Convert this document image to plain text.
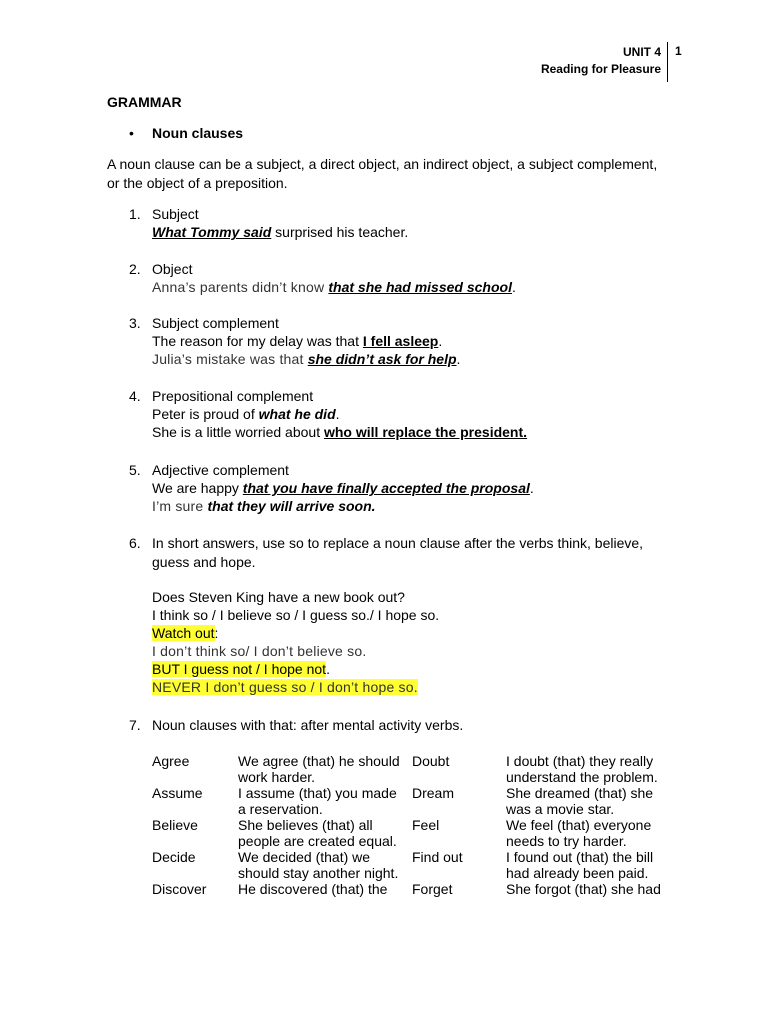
UNIT 4
Reading for Pleasure
1
GRAMMAR
• Noun clauses
A noun clause can be a subject, a direct object, an indirect object, a subject complement, or the object of a preposition.
1. Subject
What Tommy said surprised his teacher.
2. Object
Anna’s parents didn’t know that she had missed school.
3. Subject complement
The reason for my delay was that I fell asleep.
Julia’s mistake was that she didn’t ask for help.
4. Prepositional complement
Peter is proud of what he did.
She is a little worried about who will replace the president.
5. Adjective complement
We are happy that you have finally accepted the proposal.
I’m sure that they will arrive soon.
6. In short answers, use so to replace a noun clause after the verbs think, believe, guess and hope.
Does Steven King have a new book out?
I think so / I believe so / I guess so./ I hope so.
Watch out:
I don’t think so/ I don’t believe so.
BUT I guess not / I hope not.
NEVER I don’t guess so / I don’t hope so.
7. Noun clauses with that: after mental activity verbs.
Agree	We agree (that) he should work harder.	Doubt	I doubt (that) they really understand the problem.
Assume	I assume (that) you made a reservation.	Dream	She dreamed (that) she was a movie star.
Believe	She believes (that) all people are created equal.	Feel	We feel (that) everyone needs to try harder.
Decide	We decided (that) we should stay another night.	Find out	I found out (that) the bill had already been paid.
Discover	He discovered (that) the	Forget	She forgot (that) she had
